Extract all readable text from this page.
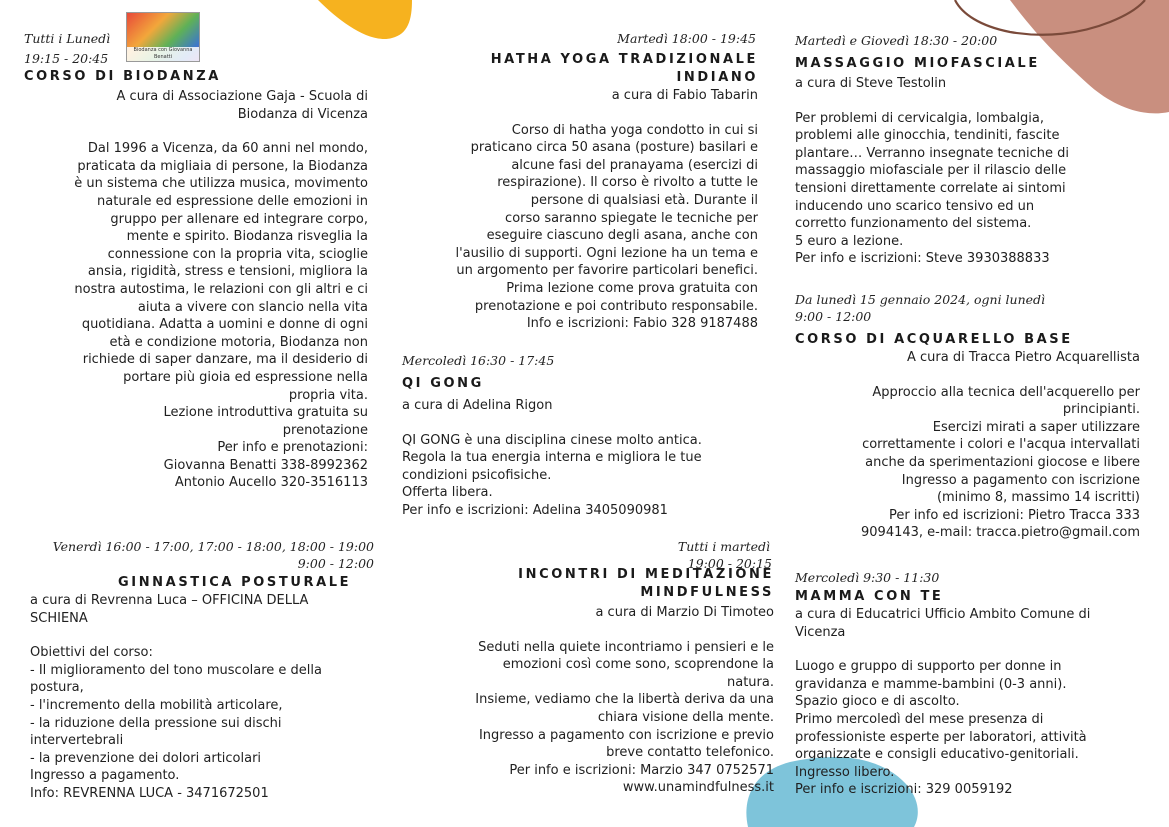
Tutti i Lunedì
19:15 - 20:45
Biodanza con Giovanna Benatti
CORSO DI BIODANZA
A cura di Associazione Gaja - Scuola di
Biodanza di Vicenza
Dal 1996 a Vicenza, da 60 anni nel mondo,
praticata da migliaia di persone, la Biodanza
è un sistema che utilizza musica, movimento
naturale ed espressione delle emozioni in
gruppo per allenare ed integrare corpo,
mente e spirito. Biodanza risveglia la
connessione con la propria vita, scioglie
ansia, rigidità, stress e tensioni, migliora la
nostra autostima, le relazioni con gli altri e ci
aiuta a vivere con slancio nella vita
quotidiana. Adatta a uomini e donne di ogni
età e condizione motoria, Biodanza non
richiede di saper danzare, ma il desiderio di
portare più gioia ed espressione nella
propria vita.
Lezione introduttiva gratuita su
prenotazione
Per info e prenotazioni:
Giovanna Benatti 338-8992362
Antonio Aucello 320-3516113
Venerdì 16:00 - 17:00, 17:00 - 18:00, 18:00 - 19:00
9:00 - 12:00
GINNASTICA POSTURALE
a cura di Revrenna Luca – OFFICINA DELLA
SCHIENA
Obiettivi del corso:
- Il miglioramento del tono muscolare e della
postura,
- l'incremento della mobilità articolare,
- la riduzione della pressione sui dischi
intervertebrali
- la prevenzione dei dolori articolari
Ingresso a pagamento.
Info: REVRENNA LUCA - 3471672501
Martedì 18:00 - 19:45
HATHA YOGA TRADIZIONALE
INDIANO
a cura di Fabio Tabarin
Corso di hatha yoga condotto in cui si
praticano circa 50 asana (posture) basilari e
alcune fasi del pranayama (esercizi di
respirazione). Il corso è rivolto a tutte le
persone di qualsiasi età. Durante il
corso saranno spiegate le tecniche per
eseguire ciascuno degli asana, anche con
l'ausilio di supporti. Ogni lezione ha un tema e
un argomento per favorire particolari benefici.
Prima lezione come prova gratuita con
prenotazione e poi contributo responsabile.
Info e iscrizioni: Fabio 328 9187488
Mercoledì 16:30 - 17:45
QI GONG
a cura di Adelina Rigon
QI GONG è una disciplina cinese molto antica.
Regola la tua energia interna e migliora le tue
condizioni psicofisiche.
Offerta libera.
Per info e iscrizioni: Adelina 3405090981
Tutti i martedì
19:00 - 20:15
INCONTRI DI MEDITAZIONE
MINDFULNESS
a cura di Marzio Di Timoteo
Seduti nella quiete incontriamo i pensieri e le
emozioni così come sono, scoprendone la
natura.
Insieme, vediamo che la libertà deriva da una
chiara visione della mente.
Ingresso a pagamento con iscrizione e previo
breve contatto telefonico.
Per info e iscrizioni: Marzio 347 0752571
www.unamindfulness.it
Martedì e Giovedì 18:30 - 20:00
MASSAGGIO MIOFASCIALE
a cura di Steve Testolin
Per problemi di cervicalgia, lombalgia,
problemi alle ginocchia, tendiniti, fascite
plantare… Verranno insegnate tecniche di
massaggio miofasciale per il rilascio delle
tensioni direttamente correlate ai sintomi
inducendo uno scarico tensivo ed un
corretto funzionamento del sistema.
5 euro a lezione.
Per info e iscrizioni: Steve 3930388833
Da lunedì 15 gennaio 2024, ogni lunedì
9:00 - 12:00
CORSO DI ACQUARELLO BASE
A cura di Tracca Pietro Acquarellista
Approccio alla tecnica dell'acquerello per
principianti.
Esercizi mirati a saper utilizzare
correttamente i colori e l'acqua intervallati
anche da sperimentazioni giocose e libere
Ingresso a pagamento con iscrizione
(minimo 8, massimo 14 iscritti)
Per info ed iscrizioni: Pietro Tracca 333
9094143, e-mail: tracca.pietro@gmail.com
Mercoledì 9:30 - 11:30
MAMMA CON TE
a cura di Educatrici Ufficio Ambito Comune di
Vicenza
Luogo e gruppo di supporto per donne in
gravidanza e mamme-bambini (0-3 anni).
Spazio gioco e di ascolto.
Primo mercoledì del mese presenza di
professioniste esperte per laboratori, attività
organizzate e consigli educativo-genitoriali.
Ingresso libero.
Per info e iscrizioni: 329 0059192
